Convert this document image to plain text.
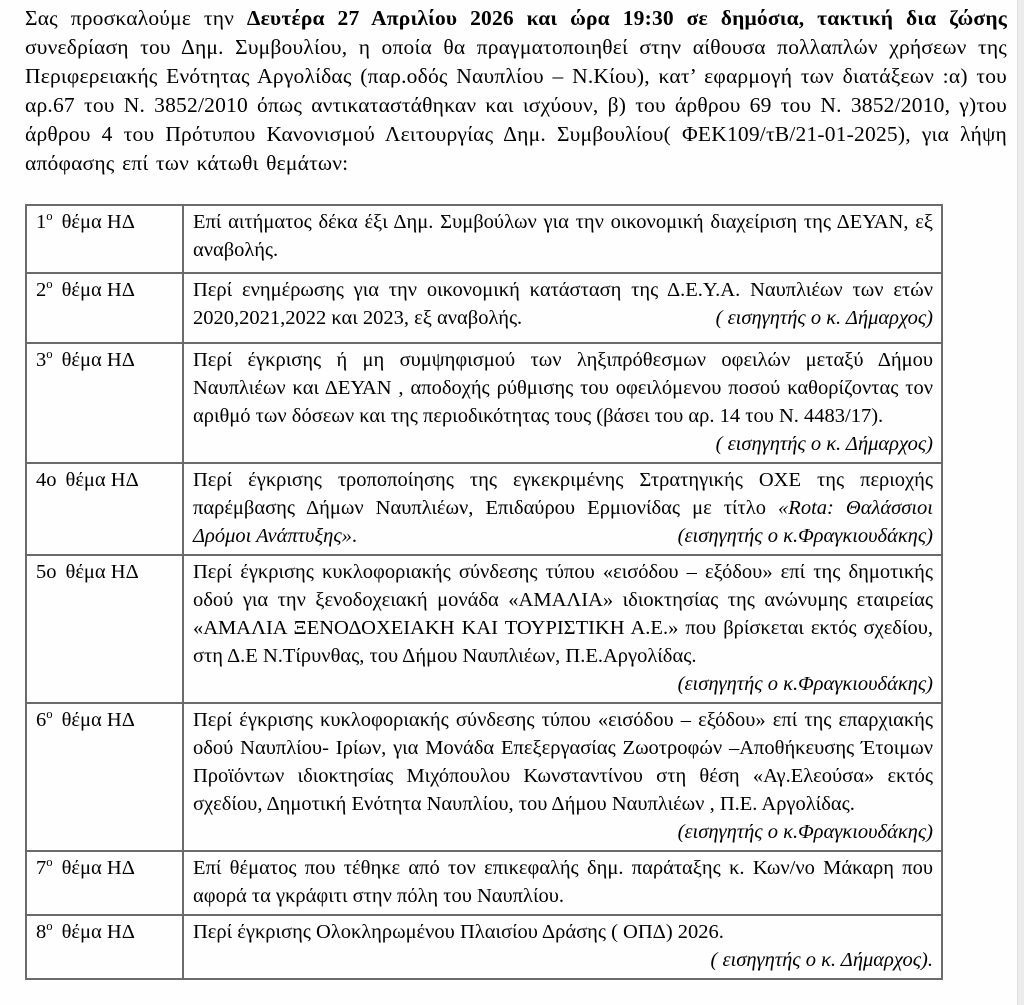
Σας προσκαλούμε την Δευτέρα 27 Απριλίου 2026 και ώρα 19:30 σε δημόσια, τακτική δια ζώσης συνεδρίαση του Δημ. Συμβουλίου, η οποία θα πραγματοποιηθεί στην αίθουσα πολλαπλών χρήσεων της Περιφερειακής Ενότητας Αργολίδας (παρ.οδός Ναυπλίου – Ν.Κίου), κατ’ εφαρμογή των διατάξεων :α) του αρ.67 του Ν. 3852/2010 όπως αντικαταστάθηκαν και ισχύουν, β) του άρθρου 69 του Ν. 3852/2010, γ)του άρθρου 4 του Πρότυπου Κανονισμού Λειτουργίας Δημ. Συμβουλίου( ΦΕΚ109/τΒ/21-01-2025), για λήψη απόφασης επί των κάτωθι θεμάτων:

$1^o$ θέμα ΗΔ	Επί αιτήματος δέκα έξι Δημ. Συμβούλων για την οικονομική διαχείριση της ΔΕΥΑΝ, εξ αναβολής.
$2^o$ θέμα ΗΔ	Περί ενημέρωσης για την οικονομική κατάσταση της Δ.Ε.Υ.Α. Ναυπλιέων των ετών 2020,2021,2022 και 2023, εξ αναβολής. ( εισηγητής ο κ. Δήμαρχος)

$3^o$ θέμα ΗΔ	Περί έγκρισης ή μη συμψηφισμού των ληξιπρόθεσμων οφειλών μεταξύ Δήμου Ναυπλιέων και ΔΕΥΑΝ , αποδοχής ρύθμισης του οφειλόμενου ποσού καθορίζοντας τον αριθμό των δόσεων και της περιοδικότητας τους (βάσει του αρ. 14 του Ν. 4483/17).
( εισηγητής ο κ. Δήμαρχος)

4ο θέμα ΗΔ	Περί έγκρισης τροποποίησης της εγκεκριμένης Στρατηγικής ΟΧΕ της περιοχής παρέμβασης Δήμων Ναυπλιέων, Επιδαύρου Ερμιονίδας με τίτλο «Rota: Θαλάσσιοι Δρόμοι Ανάπτυξης». (εισηγητής ο κ.Φραγκιουδάκης)

5ο θέμα ΗΔ	Περί έγκρισης κυκλοφοριακής σύνδεσης τύπου «εισόδου – εξόδου» επί της δημοτικής οδού για την ξενοδοχειακή μονάδα «ΑΜΑΛΙΑ» ιδιοκτησίας της ανώνυμης εταιρείας «ΑΜΑΛΙΑ ΞΕΝΟΔΟΧΕΙΑΚΗ ΚΑΙ ΤΟΥΡΙΣΤΙΚΗ Α.Ε.» που βρίσκεται εκτός σχεδίου, στη Δ.Ε Ν.Τίρυνθας, του Δήμου Ναυπλιέων, Π.Ε.Αργολίδας.
(εισηγητής ο κ.Φραγκιουδάκης)

$6^o$ θέμα ΗΔ	Περί έγκρισης κυκλοφοριακής σύνδεσης τύπου «εισόδου – εξόδου» επί της επαρχιακής οδού Ναυπλίου- Ιρίων, για Μονάδα Επεξεργασίας Ζωοτροφών –Αποθήκευσης Έτοιμων Προϊόντων ιδιοκτησίας Μιχόπουλου Κωνσταντίνου στη θέση «Αγ.Ελεούσα» εκτός σχεδίου, Δημοτική Ενότητα Ναυπλίου, του Δήμου Ναυπλιέων , Π.Ε. Αργολίδας.
(εισηγητής ο κ.Φραγκιουδάκης)

$7^o$ θέμα ΗΔ	Επί θέματος που τέθηκε από τον επικεφαλής δημ. παράταξης κ. Κων/νο Μάκαρη που αφορά τα γκράφιτι στην πόλη του Ναυπλίου.
$8^o$ θέμα ΗΔ	Περί έγκρισης Ολοκληρωμένου Πλαισίου Δράσης ( ΟΠΔ) 2026.
( εισηγητής ο κ. Δήμαρχος).
